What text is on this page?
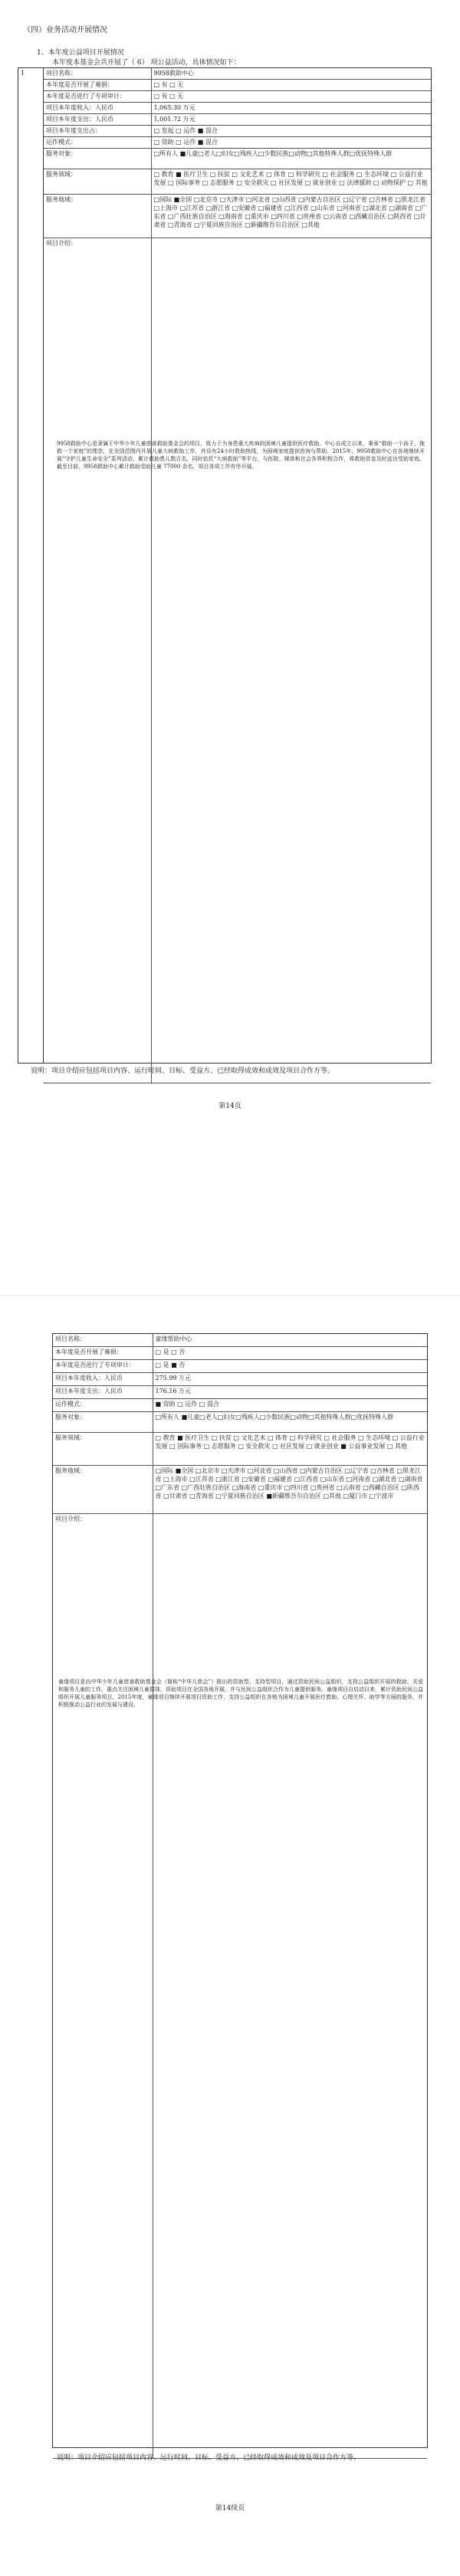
（四）业务活动开展情况
1、本年度公益项目开展情况
本年度本基金会共开展了（ 6） 项公益活动，具体情况如下：
1	项目名称：	9958救助中心
本年度是否开展了募捐：	□ 有 □ 无
本年度是否进行了专项审计：	□ 有 □ 无
项目本年度收入：人民币	1,065.30 万元
项目本年度支出：人民币	1,001.72 万元
项目本年度支出占：	□ 发起 □ 运作 ■ 混合
运作模式：	□ 资助 □ 运作 ■ 混合
服务对象：	□所有人 ■儿童□老人□妇女□残疾人□少数民族□动物□其他特殊人群□优抚特殊人群
服务领域：	□ 教育 ■ 医疗卫生 □ 扶贫 □ 文化艺术 □ 体育 □ 科学研究 □ 社会服务 □ 生态环境 □ 公益行业发展 □ 国际事务 □ 志愿服务 □ 安全救灾 □ 社区发展 □ 就业创业 □ 法律援助 □ 动物保护 □ 其他
服务地域：	□国际 ■全国 □北京市 □天津市 □河北省 □山西省 □内蒙古自治区 □辽宁省 □吉林省 □黑龙江省 □上海市 □江苏省 □浙江省 □安徽省 □福建省 □江西省 □山东省 □河南省 □湖北省 □湖南省 □广东省 □广西壮族自治区 □海南省 □重庆市 □四川省 □贵州省 □云南省 □西藏自治区 □陕西省 □甘肃省 □青海省 □宁夏回族自治区 □新疆维吾尔自治区 □其他
项目介绍：	
9958救助中心是隶属于中华少年儿童慈善救助基金会的项目，致力于为身患重大疾病的困境儿童提供医疗救助。中心自成立以来，秉承“救助一个孩子，挽救一个家庭”的理念，在全国范围内开展儿童大病救助工作，并设有24小时救助热线，为困境家庭提供咨询与帮助。2015年，9958救助中心在各地继续开展“守护儿童生命安全”系列活动，累计救助患儿数百名，同时依托“大病救助”等平台，与医院、媒体和社会各界积极合作，将救助资金及时送达受助家庭。截至目前，9958救助中心累计救助受助儿童 77000 余名，项目各项工作有序开展。
说明：项目介绍应包括项目内容、运行时间、目标、受益方、已经取得成效和成效及项目合作方等。
第14页
项目名称：	童缘帮助中心
本年度是否开展了募捐：	□ 是 □ 否
本年度是否进行了专项审计：	□ 是 ■ 否
项目本年度收入：人民币	275.99 万元
项目本年度支出：人民币	176.16 万元
运作模式：	■ 资助 □ 运作 □ 混合
服务对象：	□所有人 ■儿童□老人□妇女□残疾人□少数民族□动物□其他特殊人群□优抚特殊人群
服务领域：	□ 教育 ■ 医疗卫生 □ 扶贫 □ 文化艺术 □ 体育 □ 科学研究 □ 社会服务 □ 生态环境 □ 公益行业发展 □ 国际事务 □ 志愿服务 □ 安全救灾 □ 社区发展 □ 就业创业 ■ 公益事业发展 □ 其他
服务地域：	□国际 ■全国 □北京市 □天津市 □河北省 □山西省 □内蒙古自治区 □辽宁省 □吉林省 □黑龙江省 □上海市 □江苏省 □浙江省 □安徽省 □福建省 □江西省 □山东省 □河南省 □湖北省 □湖南省 □广东省 □广西壮族自治区 □海南省 □重庆市 □四川省 □贵州省 □云南省 □西藏自治区 □陕西省 □甘肃省 □青海省 □宁夏回族自治区 ■新疆维吾尔自治区 □其他 □厦门市 □宁波市
项目介绍：	
童缘项目是由中华少年儿童慈善救助基金会（简称“中华儿慈会”）推出的资助型、支持型项目，通过资助民间公益组织，支持公益组织开展的救助、关爱和服务儿童的工作，重点关注困境儿童群体，资助项目在全国各地开展，并与民间公益组织合作为儿童提供服务。童缘项目自启动以来，累计资助民间公益组织开展儿童服务项目，2015年度，童缘项目继续开展项目资助工作，支持公益组织在各地为困境儿童开展医疗救助、心理关怀、助学等方面的服务，并积极推动公益行业的发展与建设。
说明：项目介绍应包括项目内容、运行时间、目标、受益方、已经取得成效和成效及项目合作方等。
第14续页
